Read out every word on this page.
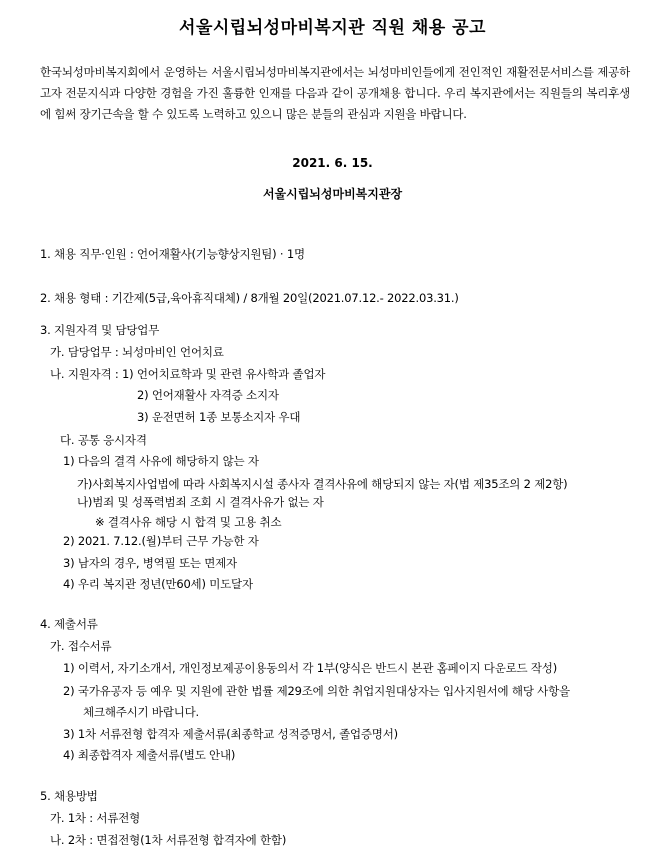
서울시립뇌성마비복지관 직원 채용 공고
한국뇌성마비복지회에서 운영하는 서울시립뇌성마비복지관에서는 뇌성마비인들에게 전인적인 재활전문서비스를 제공하고자 전문지식과 다양한 경험을 가진 훌륭한 인재를 다음과 같이 공개채용 합니다. 우리 복지관에서는 직원들의 복리후생에 힘써 장기근속을 할 수 있도록 노력하고 있으니 많은 분들의 관심과 지원을 바랍니다.
2021. 6. 15.
서울시립뇌성마비복지관장
1. 채용 직무·인원 : 언어재활사(기능향상지원팀) · 1명
2. 채용 형태 : 기간제(5급,육아휴직대체) / 8개월 20일(2021.07.12.- 2022.03.31.)
3. 지원자격 및 담당업무
가. 담당업무 : 뇌성마비인 언어치료
나. 지원자격 : 1) 언어치료학과 및 관련 유사학과 졸업자
2) 언어재활사 자격증 소지자
3) 운전면허 1종 보통소지자 우대
다. 공통 응시자격
1) 다음의 결격 사유에 해당하지 않는 자
가)사회복지사업법에 따라 사회복지시설 종사자 결격사유에 해당되지 않는 자(법 제35조의 2 제2항)
나)범죄 및 성폭력범죄 조회 시 결격사유가 없는 자
※ 결격사유 해당 시 합격 및 고용 취소
2) 2021. 7.12.(월)부터 근무 가능한 자
3) 남자의 경우, 병역필 또는 면제자
4) 우리 복지관 정년(만60세) 미도달자
4. 제출서류
가. 접수서류
1) 이력서, 자기소개서, 개인정보제공이용동의서 각 1부(양식은 반드시 본관 홈페이지 다운로드 작성)
2) 국가유공자 등 예우 및 지원에 관한 법률 제29조에 의한 취업지원대상자는 입사지원서에 해당 사항을
체크해주시기 바랍니다.
3) 1차 서류전형 합격자 제출서류(최종학교 성적증명서, 졸업증명서)
4) 최종합격자 제출서류(별도 안내)
5. 채용방법
가. 1차 : 서류전형
나. 2차 : 면접전형(1차 서류전형 합격자에 한함)
